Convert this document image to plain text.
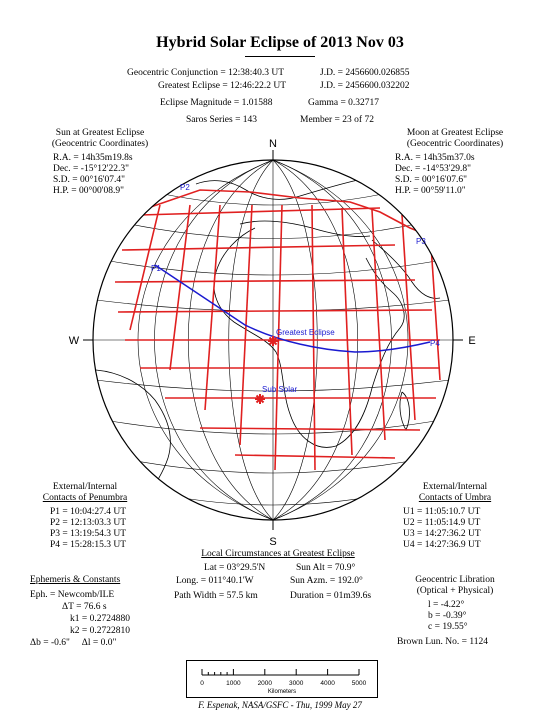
Hybrid Solar Eclipse of 2013 Nov 03
Geocentric Conjunction = 12:38:40.3 UT	J.D. = 2456600.026855
Greatest Eclipse = 12:46:22.2 UT	J.D. = 2456600.032202
Eclipse Magnitude = 1.01588	Gamma = 0.32717
Saros Series = 143	Member = 23 of 72
Sun at Greatest Eclipse
(Geocentric Coordinates)
R.A. = 14h35m19.8s
Dec. = -15°12'22.3"
S.D. = 00°16'07.4"
H.P. = 00°00'08.9"
Moon at Greatest Eclipse
(Geocentric Coordinates)
R.A. = 14h35m37.0s
Dec. = -14°53'29.8"
S.D. = 00°16'07.6"
H.P. = 00°59'11.0"
N
S
W	E
P2
P1
P3
P4
Greatest Eclipse
Sub Solar
External/Internal
Contacts of Penumbra
P1 = 10:04:27.4 UT
P2 = 12:13:03.3 UT
P3 = 13:19:54.3 UT
P4 = 15:28:15.3 UT
External/Internal
Contacts of Umbra
U1 = 11:05:10.7 UT
U2 = 11:05:14.9 UT
U3 = 14:27:36.2 UT
U4 = 14:27:36.9 UT
Local Circumstances at Greatest Eclipse
Lat = 03°29.5'N
Long. = 011°40.1'W
Sun Alt = 70.9°
Sun Azm. = 192.0°
Path Width = 57.5 km	Duration = 01m39.6s
Ephemeris & Constants
Eph. = Newcomb/ILE
ΔT = 76.6 s
k1 = 0.2724880
k2 = 0.2722810
Δb = -0.6"     Δl = 0.0"
Geocentric Libration
(Optical + Physical)
l = -4.22°
b = -0.39°
c = 19.55°
Brown Lun. No. = 1124
0	1000	2000	3000	4000	5000
Kilometers
F. Espenak, NASA/GSFC - Thu, 1999 May 27
